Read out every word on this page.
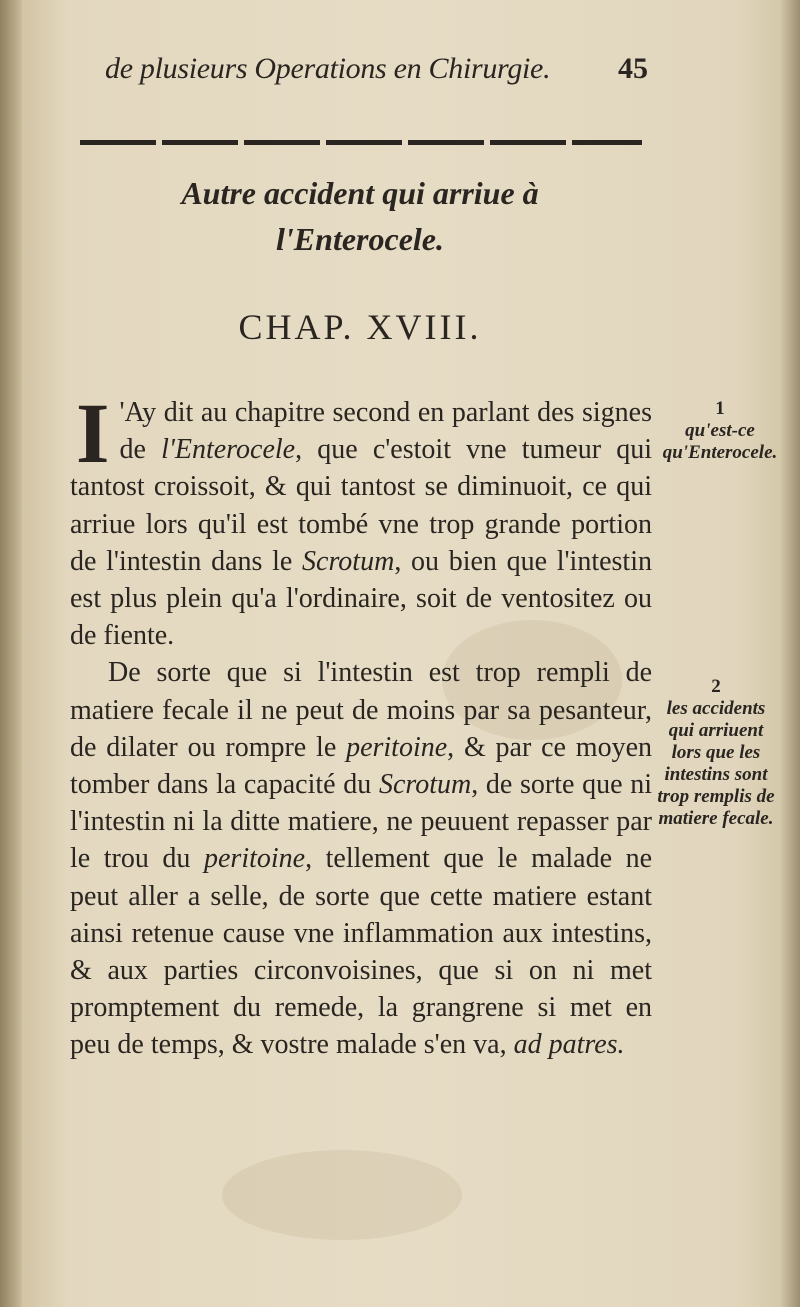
de plusieurs Operations en Chirurgie.	45
Autre accident qui arriue à
l'Enterocele.
CHAP. XVIII.

I 'Ay dit au chapitre second en parlant des signes de l'Enterocele, que c'estoit vne tumeur qui tantost croissoit, & qui tantost se diminuoit, ce qui arriue lors qu'il est tombé vne trop grande portion de l'intestin dans le Scrotum, ou bien que l'intestin est plus plein qu'a l'ordinaire, soit de ventositez ou de fiente.

De sorte que si l'intestin est trop rempli de matiere fecale il ne peut de moins par sa pesanteur, de dilater ou rompre le peritoine, & par ce moyen tomber dans la capacité du Scrotum, de sorte que ni l'intestin ni la ditte matiere, ne peuuent repasser par le trou du peritoine, tellement que le malade ne peut aller a selle, de sorte que cette matiere estant ainsi retenue cause vne inflammation aux intestins, & aux parties circonvoisines, que si on ni met promptement du remede, la grangrene si met en peu de temps, & vostre malade s'en va, ad patres.

1
qu'est-ce qu'Enterocele.
2
les accidents qui arriuent lors que les intestins sont trop remplis de matiere fecale.
